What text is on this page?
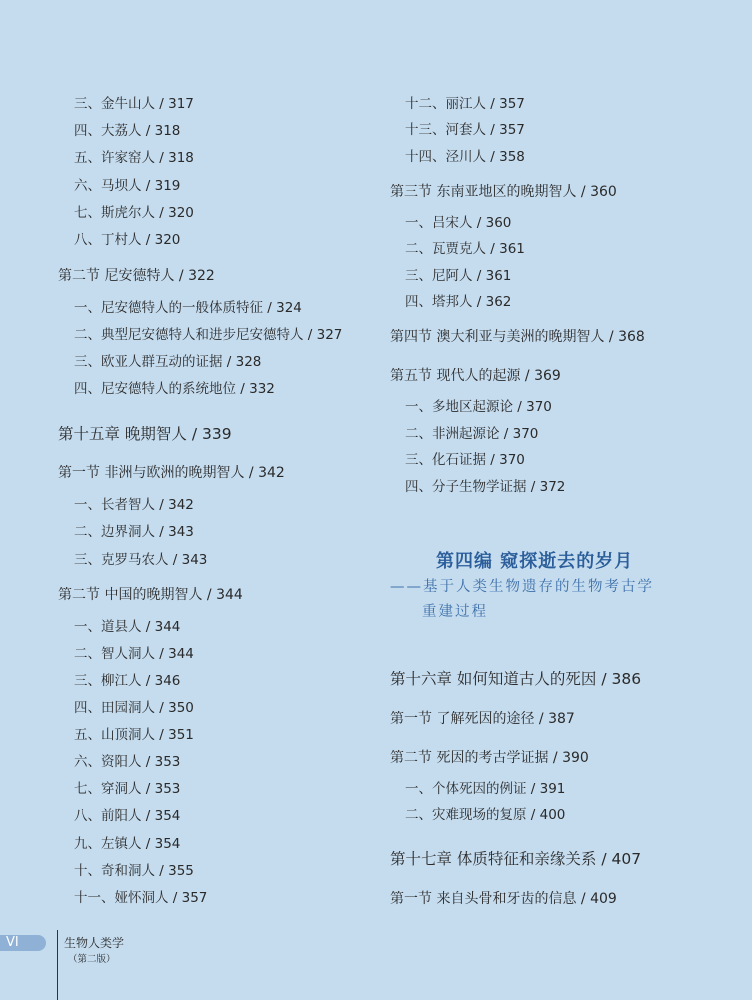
三、金牛山人 / 317
四、大荔人 / 318
五、许家窑人 / 318
六、马坝人 / 319
七、斯虎尔人 / 320
八、丁村人 / 320
第二节 尼安德特人 / 322
一、尼安德特人的一般体质特征 / 324
二、典型尼安德特人和进步尼安德特人 / 327
三、欧亚人群互动的证据 / 328
四、尼安德特人的系统地位 / 332
第十五章 晚期智人 / 339
第一节 非洲与欧洲的晚期智人 / 342
一、长者智人 / 342
二、边界洞人 / 343
三、克罗马农人 / 343
第二节 中国的晚期智人 / 344
一、道县人 / 344
二、智人洞人 / 344
三、柳江人 / 346
四、田园洞人 / 350
五、山顶洞人 / 351
六、资阳人 / 353
七、穿洞人 / 353
八、前阳人 / 354
九、左镇人 / 354
十、奇和洞人 / 355
十一、娅怀洞人 / 357
十二、丽江人 / 357
十三、河套人 / 357
十四、泾川人 / 358
第三节 东南亚地区的晚期智人 / 360
一、吕宋人 / 360
二、瓦贾克人 / 361
三、尼阿人 / 361
四、塔邦人 / 362
第四节 澳大利亚与美洲的晚期智人 / 368
第五节 现代人的起源 / 369
一、多地区起源论 / 370
二、非洲起源论 / 370
三、化石证据 / 370
四、分子生物学证据 / 372
第四编 窥探逝去的岁月
——基于人类生物遗存的生物考古学
重建过程
第十六章 如何知道古人的死因 / 386
第一节 了解死因的途径 / 387
第二节 死因的考古学证据 / 390
一、个体死因的例证 / 391
二、灾难现场的复原 / 400
第十七章 体质特征和亲缘关系 / 407
第一节 来自头骨和牙齿的信息 / 409
VI	生物人类学
（第二版）
